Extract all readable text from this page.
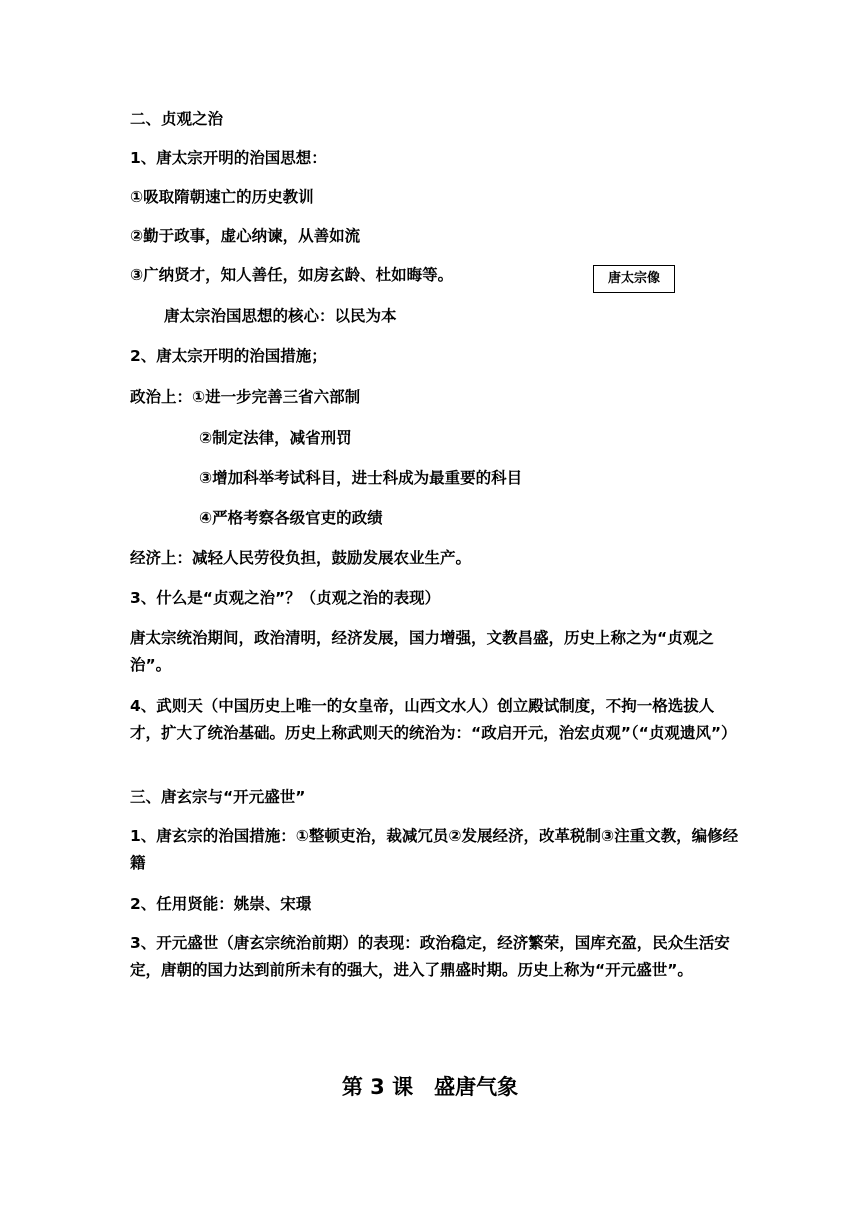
二、贞观之治
1、唐太宗开明的治国思想：
①吸取隋朝速亡的历史教训
②勤于政事，虚心纳谏，从善如流
③广纳贤才，知人善任，如房玄龄、杜如晦等。	唐太宗像
唐太宗治国思想的核心：以民为本
2、唐太宗开明的治国措施；
政治上：①进一步完善三省六部制
②制定法律，减省刑罚
③增加科举考试科目，进士科成为最重要的科目
④严格考察各级官吏的政绩
经济上：减轻人民劳役负担，鼓励发展农业生产。
3、什么是“贞观之治”？（贞观之治的表现）
唐太宗统治期间，政治清明，经济发展，国力增强，文教昌盛，历史上称之为“贞观之治”。
4、武则天（中国历史上唯一的女皇帝，山西文水人）创立殿试制度，不拘一格选拔人才，扩大了统治基础。历史上称武则天的统治为：“政启开元，治宏贞观”（“贞观遗风”）
三、唐玄宗与“开元盛世”
1、唐玄宗的治国措施：①整顿吏治，裁减冗员②发展经济，改革税制③注重文教，编修经籍
2、任用贤能：姚崇、宋璟
3、开元盛世（唐玄宗统治前期）的表现：政治稳定，经济繁荣，国库充盈，民众生活安定，唐朝的国力达到前所未有的强大，进入了鼎盛时期。历史上称为“开元盛世”。
第 3 课　盛唐气象
